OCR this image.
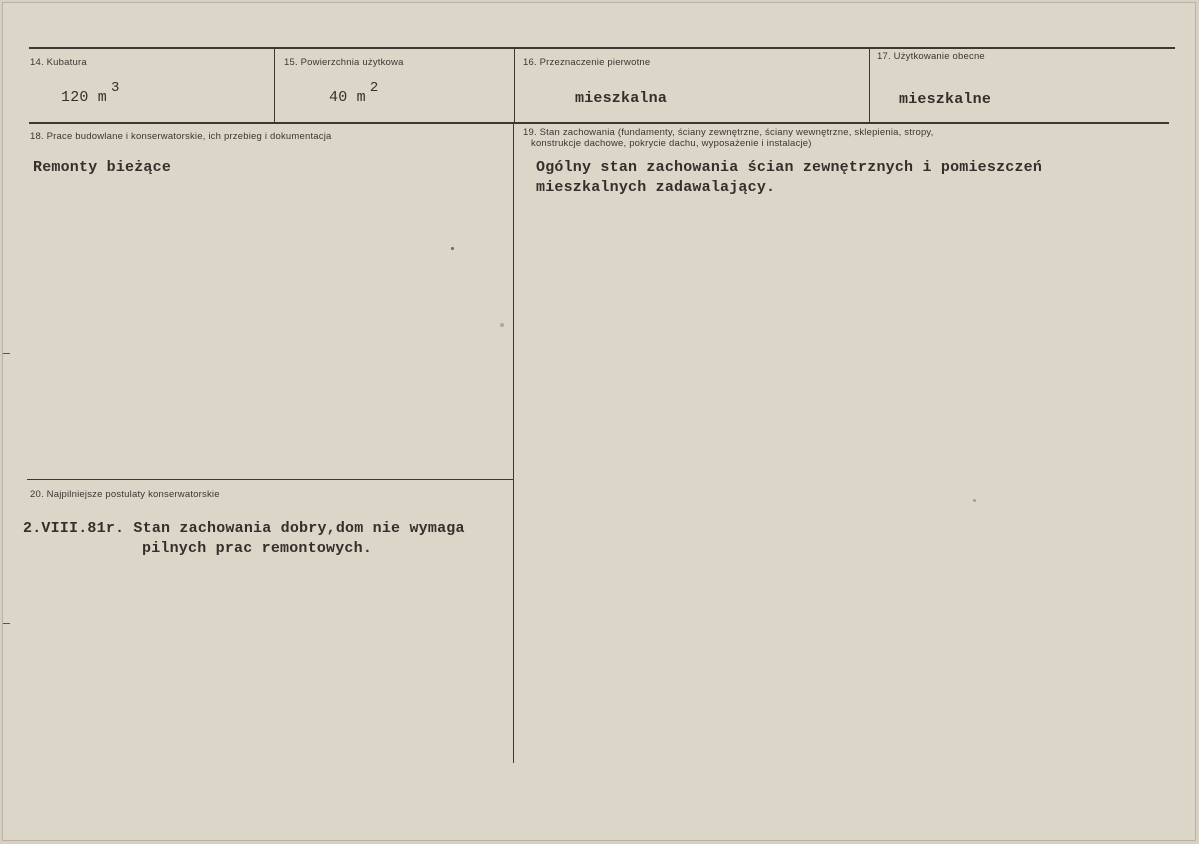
14. Kubatura
120 m3
15. Powierzchnia użytkowa
40 m2
16. Przeznaczenie pierwotne
mieszkalna
17. Użytkowanie obecne
mieszkalne
18. Prace budowlane i konserwatorskie, ich przebieg i dokumentacja
Remonty bieżące
19. Stan zachowania (fundamenty, ściany zewnętrzne, ściany wewnętrzne, sklepienia, stropy,
konstrukcje dachowe, pokrycie dachu, wyposażenie i instalacje)
Ogólny stan zachowania ścian zewnętrznych i pomieszczeń
mieszkalnych zadawalający.
20. Najpilniejsze postulaty konserwatorskie
2.VIII.81r. Stan zachowania dobry,dom nie wymaga
pilnych prac remontowych.
